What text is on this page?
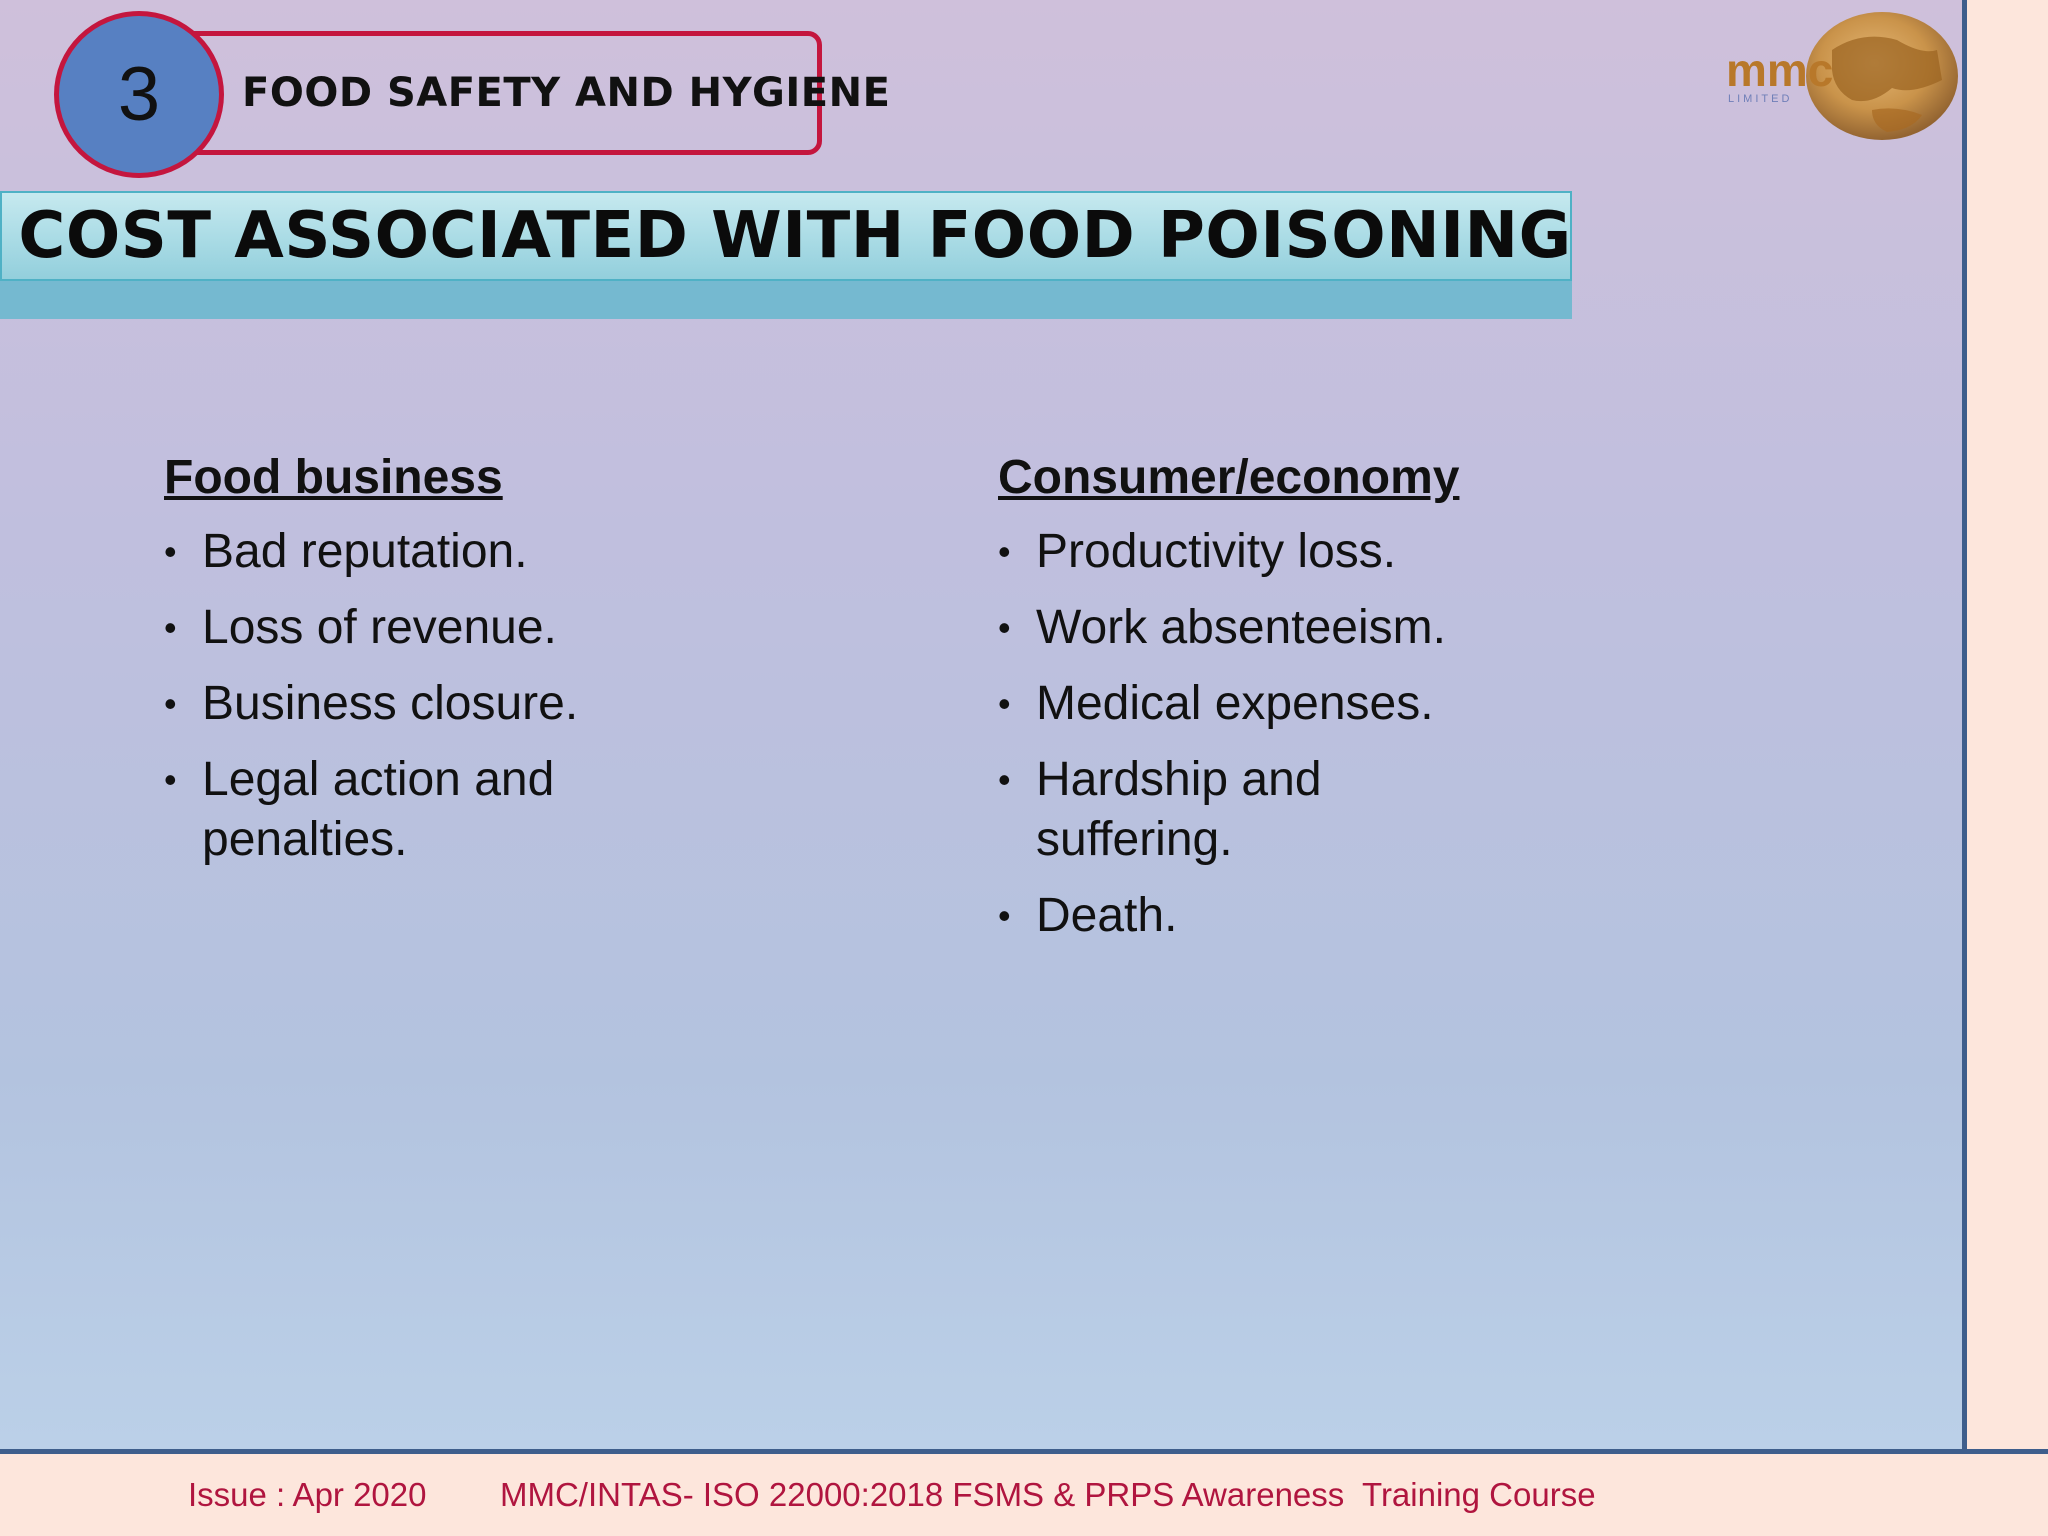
3 FOOD SAFETY AND HYGIENE	mmc
LIMITED
COST ASSOCIATED WITH FOOD POISONING
Food business
• Bad reputation.
• Loss of revenue.
• Business closure.
• Legal action and penalties.
Consumer/economy
• Productivity loss.
• Work absenteeism.
• Medical expenses.
• Hardship and suffering.
• Death.
Issue : Apr 2020 MMC/INTAS- ISO 22000:2018 FSMS & PRPS Awareness  Training Course
